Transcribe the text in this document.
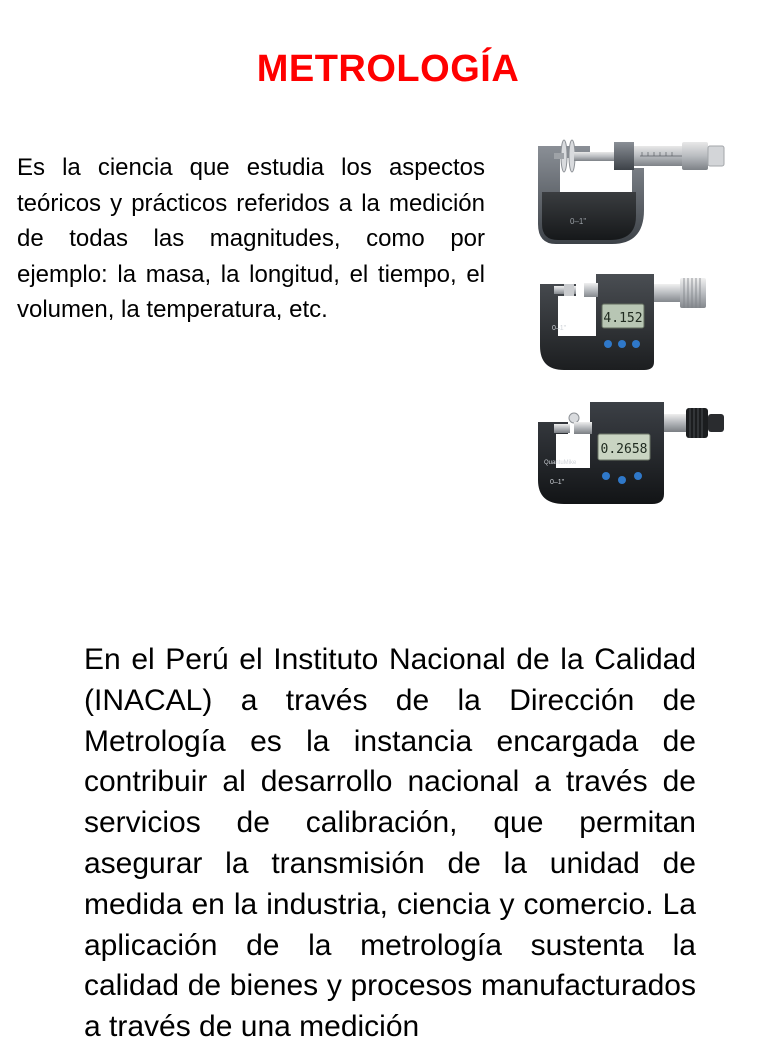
METROLOGÍA

Es la ciencia que estudia los aspectos teóricos y prácticos referidos a la medición de todas las magnitudes, como por ejemplo: la masa, la longitud, el tiempo, el volumen, la temperatura, etc.

0–1"
4.152
0–1"
0.2658
QuantuMike
0–1"

En el Perú el Instituto Nacional de la Calidad (INACAL) a través de la Dirección de Metrología es la instancia encargada de contribuir al desarrollo nacional a través de servicios de calibración, que permitan asegurar la transmisión de la unidad de medida en la industria, ciencia y comercio. La aplicación de la metrología sustenta la calidad de bienes y procesos manufacturados a través de una medición
